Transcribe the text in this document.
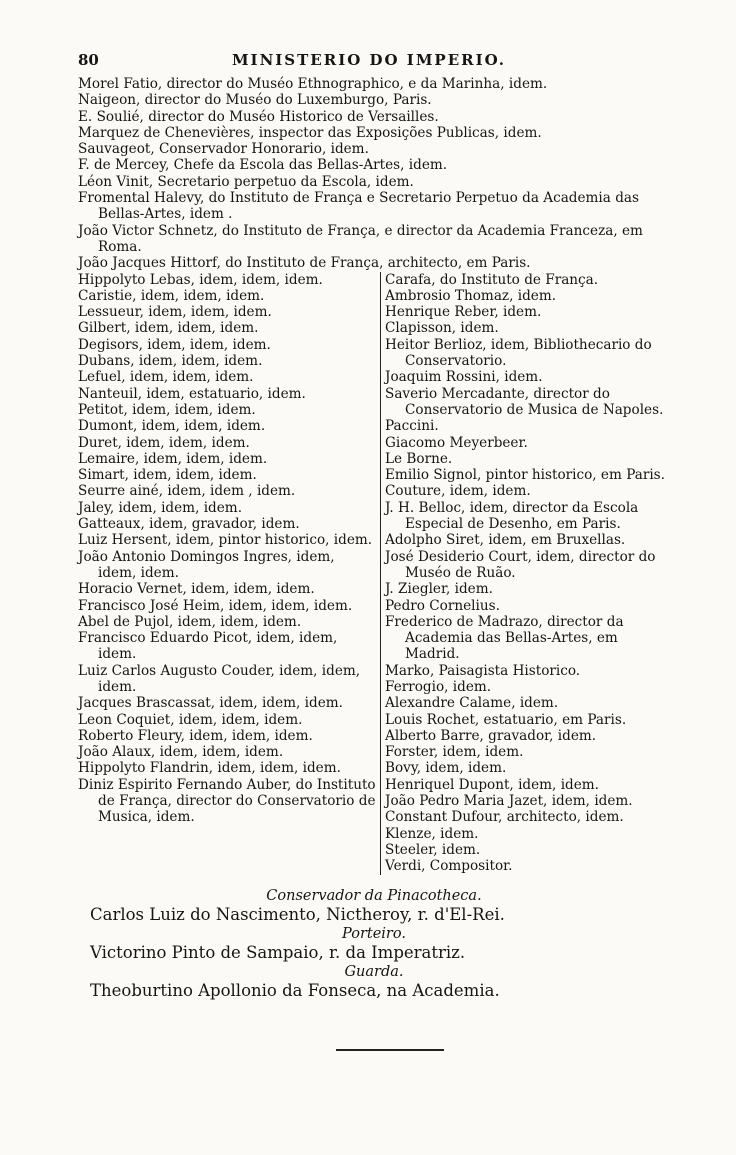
80	MINISTERIO DO IMPERIO.
Morel Fatio, director do Muséo Ethnographico, e da Marinha, idem.
Naigeon, director do Muséo do Luxemburgo, Paris.
E. Soulié, director do Muséo Historico de Versailles.
Marquez de Chenevières, inspector das Exposições Publicas, idem.
Sauvageot, Conservador Honorario, idem.
F. de Mercey, Chefe da Escola das Bellas-Artes, idem.
Léon Vinit, Secretario perpetuo da Escola, idem.
Fromental Halevy, do Instituto de França e Secretario Perpetuo da Academia das Bellas-Artes, idem .
João Victor Schnetz, do Instituto de França, e director da Academia Franceza, em Roma.
João Jacques Hittorf, do Instituto de França, architecto, em Paris.
Hippolyto Lebas, idem, idem, idem.
Caristie, idem, idem, idem.
Lessueur, idem, idem, idem.
Gilbert, idem, idem, idem.
Degisors, idem, idem, idem.
Dubans, idem, idem, idem.
Lefuel, idem, idem, idem.
Nanteuil, idem, estatuario, idem.
Petitot, idem, idem, idem.
Dumont, idem, idem, idem.
Duret, idem, idem, idem.
Lemaire, idem, idem, idem.
Simart, idem, idem, idem.
Seurre ainé, idem, idem , idem.
Jaley, idem, idem, idem.
Gatteaux, idem, gravador, idem.
Luiz Hersent, idem, pintor historico, idem.
João Antonio Domingos Ingres, idem, idem, idem.
Horacio Vernet, idem, idem, idem.
Francisco José Heim, idem, idem, idem.
Abel de Pujol, idem, idem, idem.
Francisco Eduardo Picot, idem, idem, idem.
Luiz Carlos Augusto Couder, idem, idem, idem.
Jacques Brascassat, idem, idem, idem.
Leon Coquiet, idem, idem, idem.
Roberto Fleury, idem, idem, idem.
João Alaux, idem, idem, idem.
Hippolyto Flandrin, idem, idem, idem.
Diniz Espirito Fernando Auber, do Instituto de França, director do Conservatorio de Musica, idem.
Carafa, do Instituto de França.
Ambrosio Thomaz, idem.
Henrique Reber, idem.
Clapisson, idem.
Heitor Berlioz, idem, Bibliothecario do Conservatorio.
Joaquim Rossini, idem.
Saverio Mercadante, director do Conservatorio de Musica de Napoles.
Paccini.
Giacomo Meyerbeer.
Le Borne.
Emilio Signol, pintor historico, em Paris.
Couture, idem, idem.
J. H. Belloc, idem, director da Escola Especial de Desenho, em Paris.
Adolpho Siret, idem, em Bruxellas.
José Desiderio Court, idem, director do Muséo de Ruão.
J. Ziegler, idem.
Pedro Cornelius.
Frederico de Madrazo, director da Academia das Bellas-Artes, em Madrid.
Marko, Paisagista Historico.
Ferrogio, idem.
Alexandre Calame, idem.
Louis Rochet, estatuario, em Paris.
Alberto Barre, gravador, idem.
Forster, idem, idem.
Bovy, idem, idem.
Henriquel Dupont, idem, idem.
João Pedro Maria Jazet, idem, idem.
Constant Dufour, architecto, idem.
Klenze, idem.
Steeler, idem.
Verdi, Compositor.
Conservador da Pinacotheca.
Carlos Luiz do Nascimento, Nictheroy, r. d'El-Rei.
Porteiro.
Victorino Pinto de Sampaio, r. da Imperatriz.
Guarda.
Theoburtino Apollonio da Fonseca, na Academia.
